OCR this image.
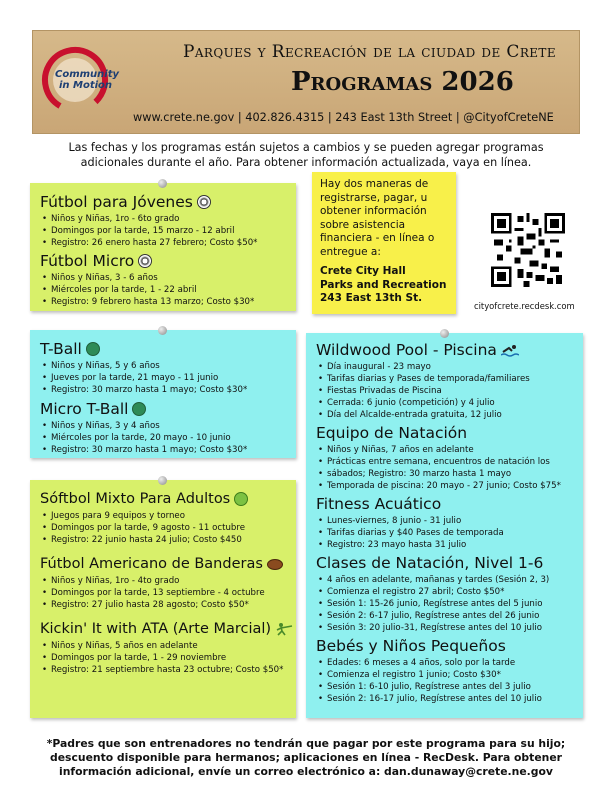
Community
in Motion
Parques y Recreación de la ciudad de Crete
Programas 2026
www.crete.ne.gov | 402.826.4315 | 243 East 13th Street | @CityofCreteNE
Las fechas y los programas están sujetos a cambios y se pueden agregar programas adicionales durante el año. Para obtener información actualizada, vaya en línea.
Fútbol para Jóvenes
• Niños y Niñas, 1ro - 6to grado
• Domingos por la tarde, 15 marzo - 12 abril
• Registro: 26 enero hasta 27 febrero; Costo $50*
Fútbol Micro
• Niños y Niñas, 3 - 6 años
• Miércoles por la tarde, 1 - 22 abril
• Registro: 9 febrero hasta 13 marzo; Costo $30*
Hay dos maneras de
registrarse, pagar, u
obtener información
sobre asistencia
financiera - en línea o
entregue a:
Crete City Hall
Parks and Recreation
243 East 13th St.
cityofcrete.recdesk.com
T-Ball
• Niños y Niñas, 5 y 6 años
• Jueves por la tarde, 21 mayo - 11 junio
• Registro: 30 marzo hasta 1 mayo; Costo $30*
Micro T-Ball
• Niños y Niñas, 3 y 4 años
• Miércoles por la tarde, 20 mayo - 10 junio
• Registro: 30 marzo hasta 1 mayo; Costo $30*
Sóftbol Mixto Para Adultos
• Juegos para 9 equipos y torneo
• Domingos por la tarde, 9 agosto - 11 octubre
• Registro: 22 junio hasta 24 julio; Costo $450
Fútbol Americano de Banderas
• Niños y Niñas, 1ro - 4to grado
• Domingos por la tarde, 13 septiembre - 4 octubre
• Registro: 27 julio hasta 28 agosto; Costo $50*
Kickin' It with ATA (Arte Marcial)
• Niños y Niñas, 5 años en adelante
• Domingos por la tarde, 1 - 29 noviembre
• Registro: 21 septiembre hasta 23 octubre; Costo $50*
Wildwood Pool - Piscina
• Día inaugural - 23 mayo
• Tarifas diarias y Pases de temporada/familiares
• Fiestas Privadas de Piscina
• Cerrada: 6 junio (competición) y 4 julio
• Día del Alcalde-entrada gratuita, 12 julio
Equipo de Natación
• Niños y Niñas, 7 años en adelante
• Prácticas entre semana, encuentros de natación los
• sábados; Registro: 30 marzo hasta 1 mayo
• Temporada de piscina: 20 mayo - 27 junio; Costo $75*
Fitness Acuático
• Lunes-viernes, 8 junio - 31 julio
• Tarifas diarias y $40 Pases de temporada
• Registro: 23 mayo hasta 31 julio
Clases de Natación, Nivel 1-6
• 4 años en adelante, mañanas y tardes (Sesión 2, 3)
• Comienza el registro 27 abril; Costo $50*
• Sesión 1: 15-26 junio, Regístrese antes del 5 junio
• Sesión 2: 6-17 julio, Regístrese antes del 26 junio
• Sesión 3: 20 julio-31, Regístrese antes del 10 julio
Bebés y Niños Pequeños
• Edades: 6 meses a 4 años, solo por la tarde
• Comienza el registro 1 junio; Costo $30*
• Sesión 1: 6-10 julio, Regístrese antes del 3 julio
• Sesión 2: 16-17 julio, Regístrese antes del 10 julio
*Padres que son entrenadores no tendrán que pagar por este programa para su hijo; descuento disponible para hermanos; aplicaciones en línea - RecDesk. Para obtener información adicional, envíe un correo electrónico a: dan.dunaway@crete.ne.gov
